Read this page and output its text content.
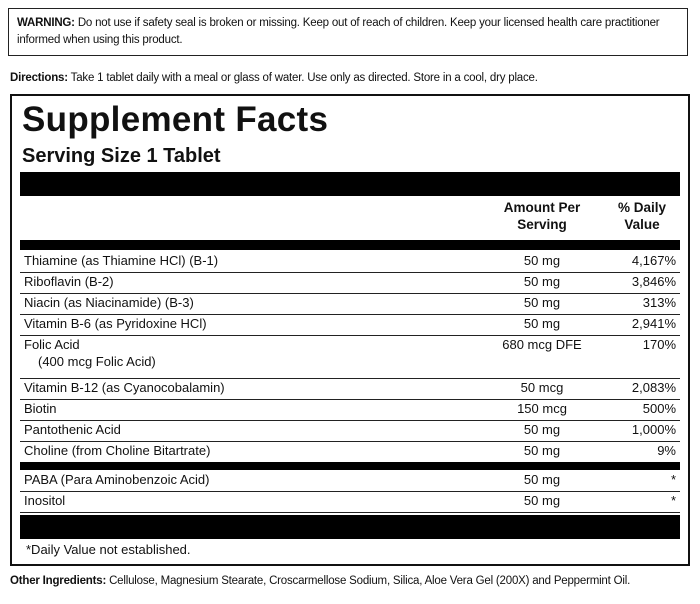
WARNING: Do not use if safety seal is broken or missing. Keep out of reach of children. Keep your licensed health care practitioner informed when using this product.
Directions: Take 1 tablet daily with a meal or glass of water. Use only as directed. Store in a cool, dry place.
Supplement Facts
Serving Size 1 Tablet
Amount Per
Serving
% Daily
Value
Thiamine (as Thiamine HCl) (B-1)	50 mg	4,167%
Riboflavin (B-2)	50 mg	3,846%
Niacin (as Niacinamide) (B-3)	50 mg	313%
Vitamin B-6 (as Pyridoxine HCl)	50 mg	2,941%
Folic Acid
(400 mcg Folic Acid)
680 mcg DFE	170%
Vitamin B-12 (as Cyanocobalamin)	50 mcg	2,083%
Biotin	150 mcg	500%
Pantothenic Acid	50 mg	1,000%
Choline (from Choline Bitartrate)	50 mg	9%
PABA (Para Aminobenzoic Acid)	50 mg	*
Inositol	50 mg	*
*Daily Value not established.
Other Ingredients: Cellulose, Magnesium Stearate, Croscarmellose Sodium, Silica, Aloe Vera Gel (200X) and Peppermint Oil.
